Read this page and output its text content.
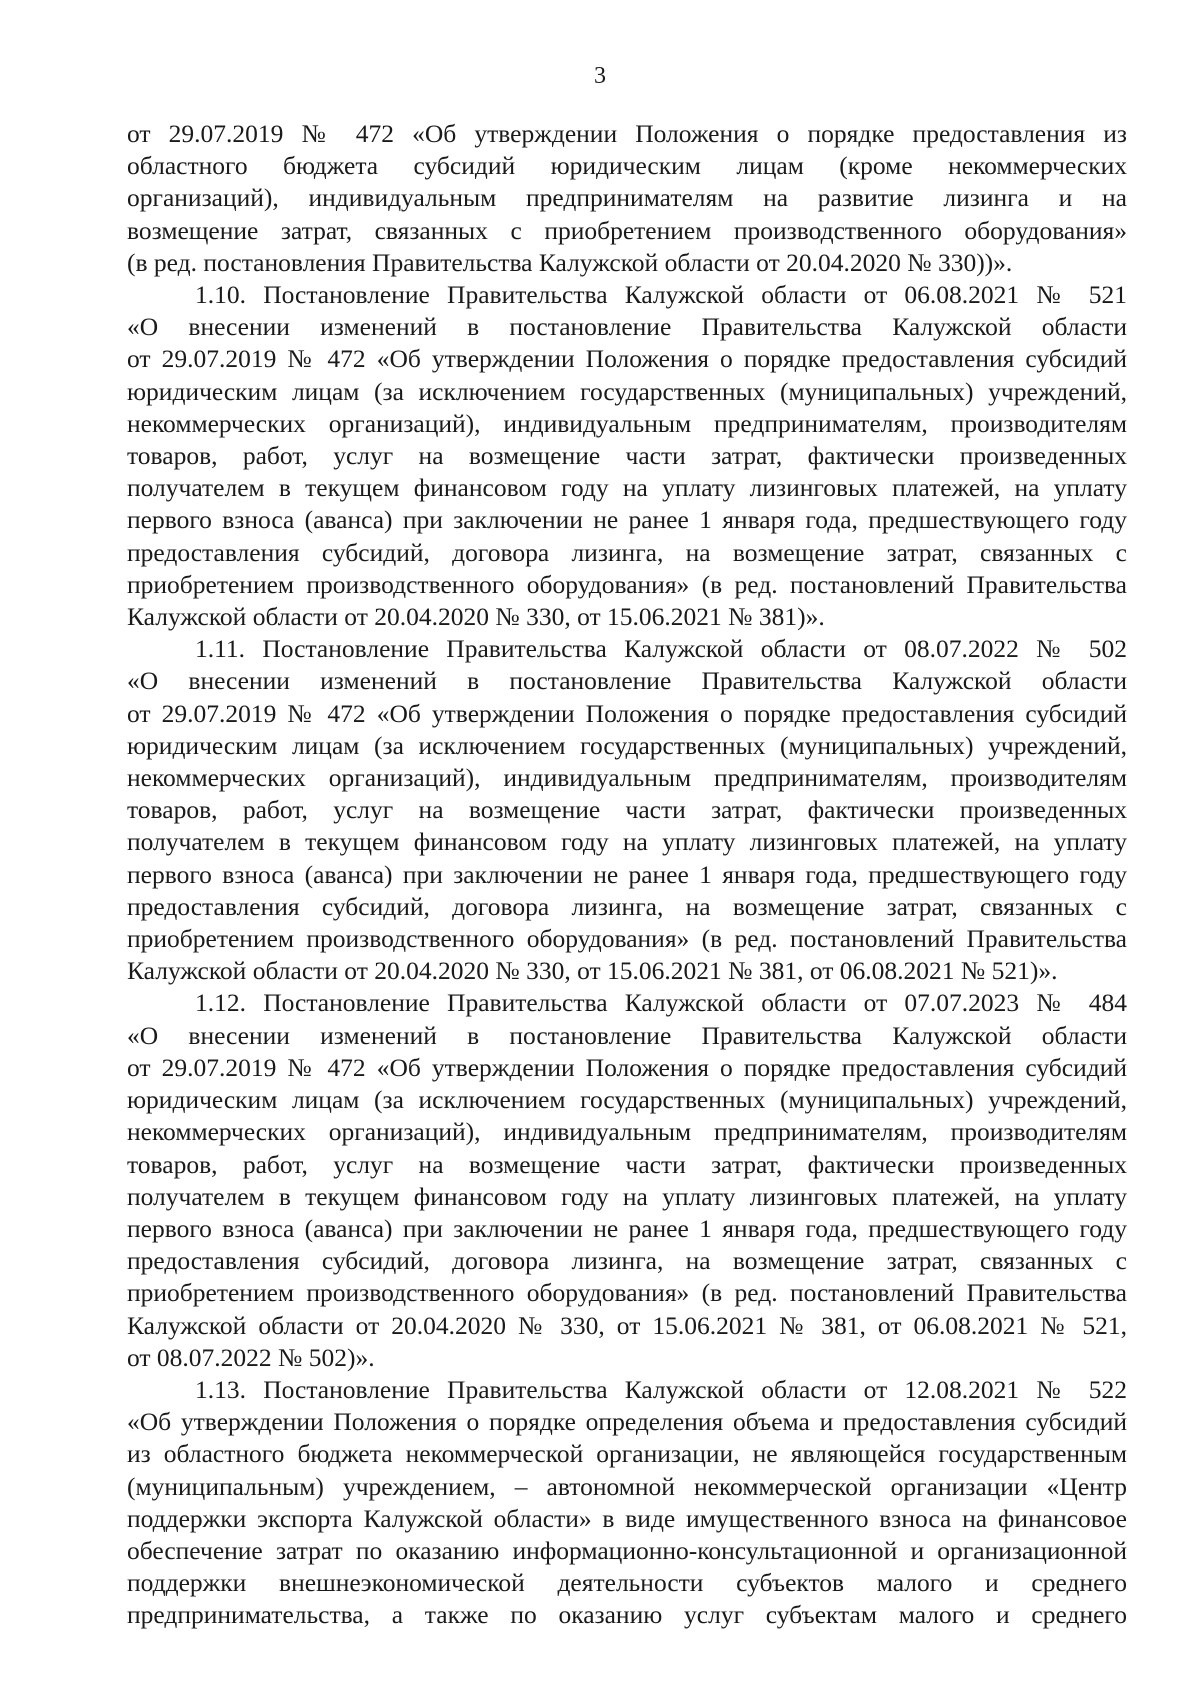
3
от 29.07.2019 № 472 «Об утверждении Положения о порядке предоставления из
областного бюджета субсидий юридическим лицам (кроме некоммерческих
организаций), индивидуальным предпринимателям на развитие лизинга и на
возмещение затрат, связанных с приобретением производственного оборудования»
(в ред. постановления Правительства Калужской области от 20.04.2020 № 330))».
1.10. Постановление Правительства Калужской области от 06.08.2021 № 521
«О внесении изменений в постановление Правительства Калужской области
от 29.07.2019 № 472 «Об утверждении Положения о порядке предоставления субсидий
юридическим лицам (за исключением государственных (муниципальных) учреждений,
некоммерческих организаций), индивидуальным предпринимателям, производителям
товаров, работ, услуг на возмещение части затрат, фактически произведенных
получателем в текущем финансовом году на уплату лизинговых платежей, на уплату
первого взноса (аванса) при заключении не ранее 1 января года, предшествующего году
предоставления субсидий, договора лизинга, на возмещение затрат, связанных с
приобретением производственного оборудования» (в ред. постановлений Правительства
Калужской области от 20.04.2020 № 330, от 15.06.2021 № 381)».
1.11. Постановление Правительства Калужской области от 08.07.2022 № 502
«О внесении изменений в постановление Правительства Калужской области
от 29.07.2019 № 472 «Об утверждении Положения о порядке предоставления субсидий
юридическим лицам (за исключением государственных (муниципальных) учреждений,
некоммерческих организаций), индивидуальным предпринимателям, производителям
товаров, работ, услуг на возмещение части затрат, фактически произведенных
получателем в текущем финансовом году на уплату лизинговых платежей, на уплату
первого взноса (аванса) при заключении не ранее 1 января года, предшествующего году
предоставления субсидий, договора лизинга, на возмещение затрат, связанных с
приобретением производственного оборудования» (в ред. постановлений Правительства
Калужской области от 20.04.2020 № 330, от 15.06.2021 № 381, от 06.08.2021 № 521)».
1.12. Постановление Правительства Калужской области от 07.07.2023 № 484
«О внесении изменений в постановление Правительства Калужской области
от 29.07.2019 № 472 «Об утверждении Положения о порядке предоставления субсидий
юридическим лицам (за исключением государственных (муниципальных) учреждений,
некоммерческих организаций), индивидуальным предпринимателям, производителям
товаров, работ, услуг на возмещение части затрат, фактически произведенных
получателем в текущем финансовом году на уплату лизинговых платежей, на уплату
первого взноса (аванса) при заключении не ранее 1 января года, предшествующего году
предоставления субсидий, договора лизинга, на возмещение затрат, связанных с
приобретением производственного оборудования» (в ред. постановлений Правительства
Калужской области от 20.04.2020 № 330, от 15.06.2021 № 381, от 06.08.2021 № 521,
от 08.07.2022 № 502)».
1.13. Постановление Правительства Калужской области от 12.08.2021 № 522
«Об утверждении Положения о порядке определения объема и предоставления субсидий
из областного бюджета некоммерческой организации, не являющейся государственным
(муниципальным) учреждением, – автономной некоммерческой организации «Центр
поддержки экспорта Калужской области» в виде имущественного взноса на финансовое
обеспечение затрат по оказанию информационно-консультационной и организационной
поддержки внешнеэкономической деятельности субъектов малого и среднего
предпринимательства, а также по оказанию услуг субъектам малого и среднего
